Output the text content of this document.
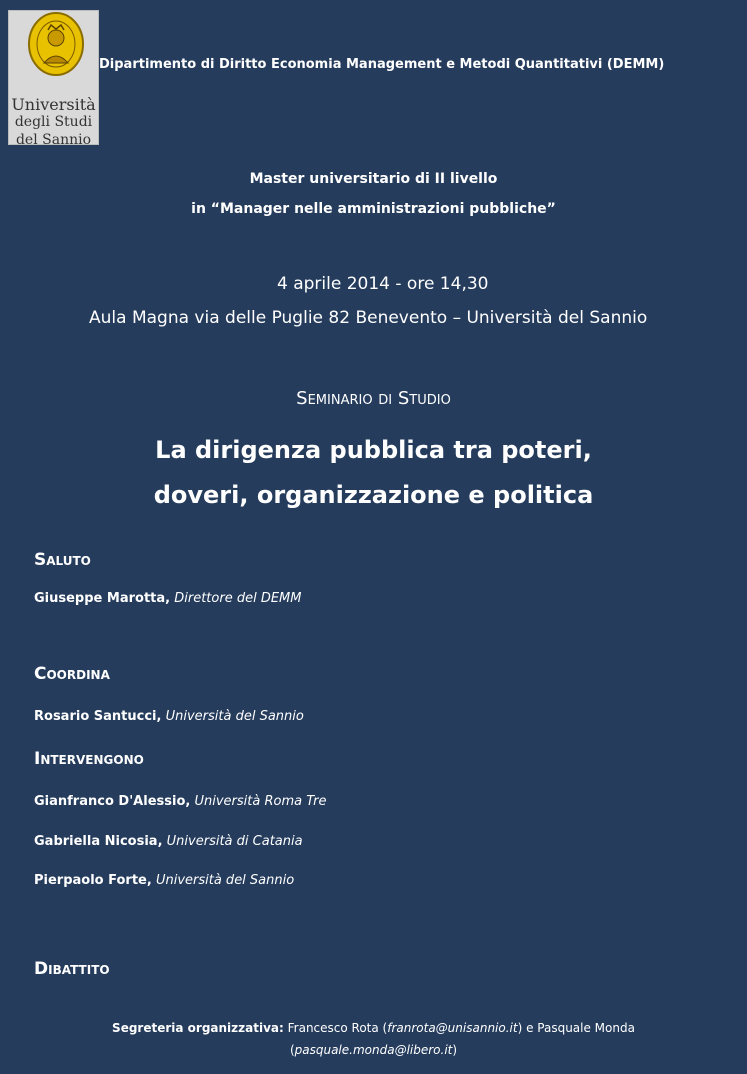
Università
degli Studi
del Sannio
Dipartimento di Diritto Economia Management e Metodi Quantitativi (DEMM)
Master universitario di II livello
in “Manager nelle amministrazioni pubbliche”
4 aprile 2014 - ore 14,30
Aula Magna via delle Puglie 82 Benevento – Università del Sannio
Seminario di Studio
La dirigenza pubblica tra poteri,
doveri, organizzazione e politica
Saluto
Giuseppe Marotta, Direttore del DEMM
Coordina
Rosario Santucci, Università del Sannio
Intervengono
Gianfranco D'Alessio, Università Roma Tre
Gabriella Nicosia, Università di Catania
Pierpaolo Forte, Università del Sannio
Dibattito
Segreteria organizzativa: Francesco Rota (franrota@unisannio.it) e Pasquale Monda
(pasquale.monda@libero.it)
